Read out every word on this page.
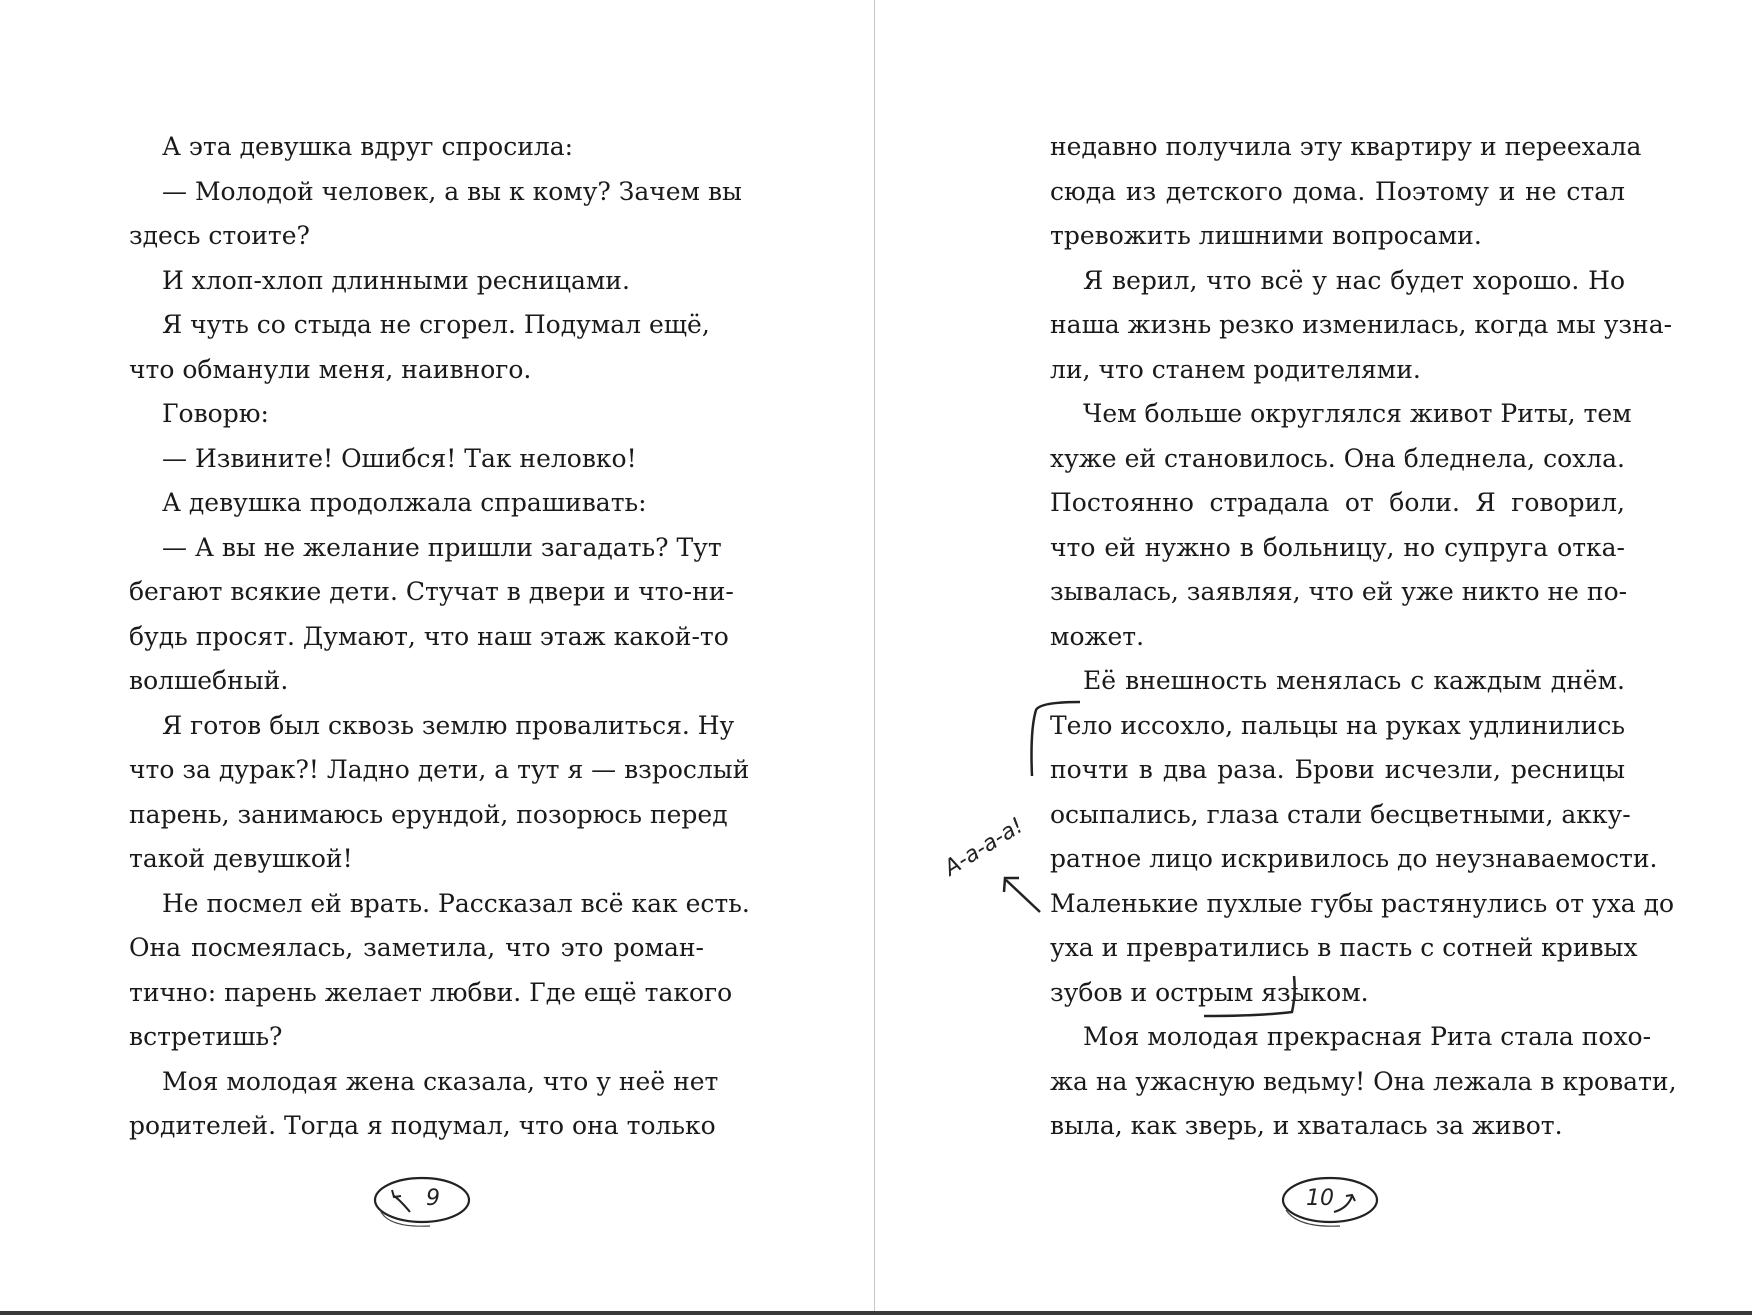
А эта девушка вдруг спросила:
— Молодой человек, а вы к кому? Зачем вы
здесь стоите?
И хлоп-хлоп длинными ресницами.
Я чуть со стыда не сгорел. Подумал ещё,
что обманули меня, наивного.
Говорю:
— Извините! Ошибся! Так неловко!
А девушка продолжала спрашивать:
— А вы не желание пришли загадать? Тут
бегают всякие дети. Стучат в двери и что-ни-
будь просят. Думают, что наш этаж какой-то
волшебный.
Я готов был сквозь землю провалиться. Ну
что за дурак?! Ладно дети, а тут я — взрослый
парень, занимаюсь ерундой, позорюсь перед
такой девушкой!
Не посмел ей врать. Рассказал всё как есть.
Она посмеялась, заметила, что это роман-
тично: парень желает любви. Где ещё такого
встретишь?
Моя молодая жена сказала, что у неё нет
родителей. Тогда я подумал, что она только
9
недавно получила эту квартиру и переехала
сюда из детского дома. Поэтому и не стал
тревожить лишними вопросами.
Я верил, что всё у нас будет хорошо. Но
наша жизнь резко изменилась, когда мы узна-
ли, что станем родителями.
Чем больше округлялся живот Риты, тем
хуже ей становилось. Она бледнела, сохла.
Постоянно страдала от боли. Я говорил,
что ей нужно в больницу, но супруга отка-
зывалась, заявляя, что ей уже никто не по-
может.
Её внешность менялась с каждым днём.
Тело иссохло, пальцы на руках удлинились
почти в два раза. Брови исчезли, ресницы
осыпались, глаза стали бесцветными, акку-
ратное лицо искривилось до неузнаваемости.
Маленькие пухлые губы растянулись от уха до
уха и превратились в пасть с сотней кривых
зубов и острым языком.
Моя молодая прекрасная Рита стала похо-
жа на ужасную ведьму! Она лежала в кровати,
выла, как зверь, и хваталась за живот.
10
А-а-а-а!
